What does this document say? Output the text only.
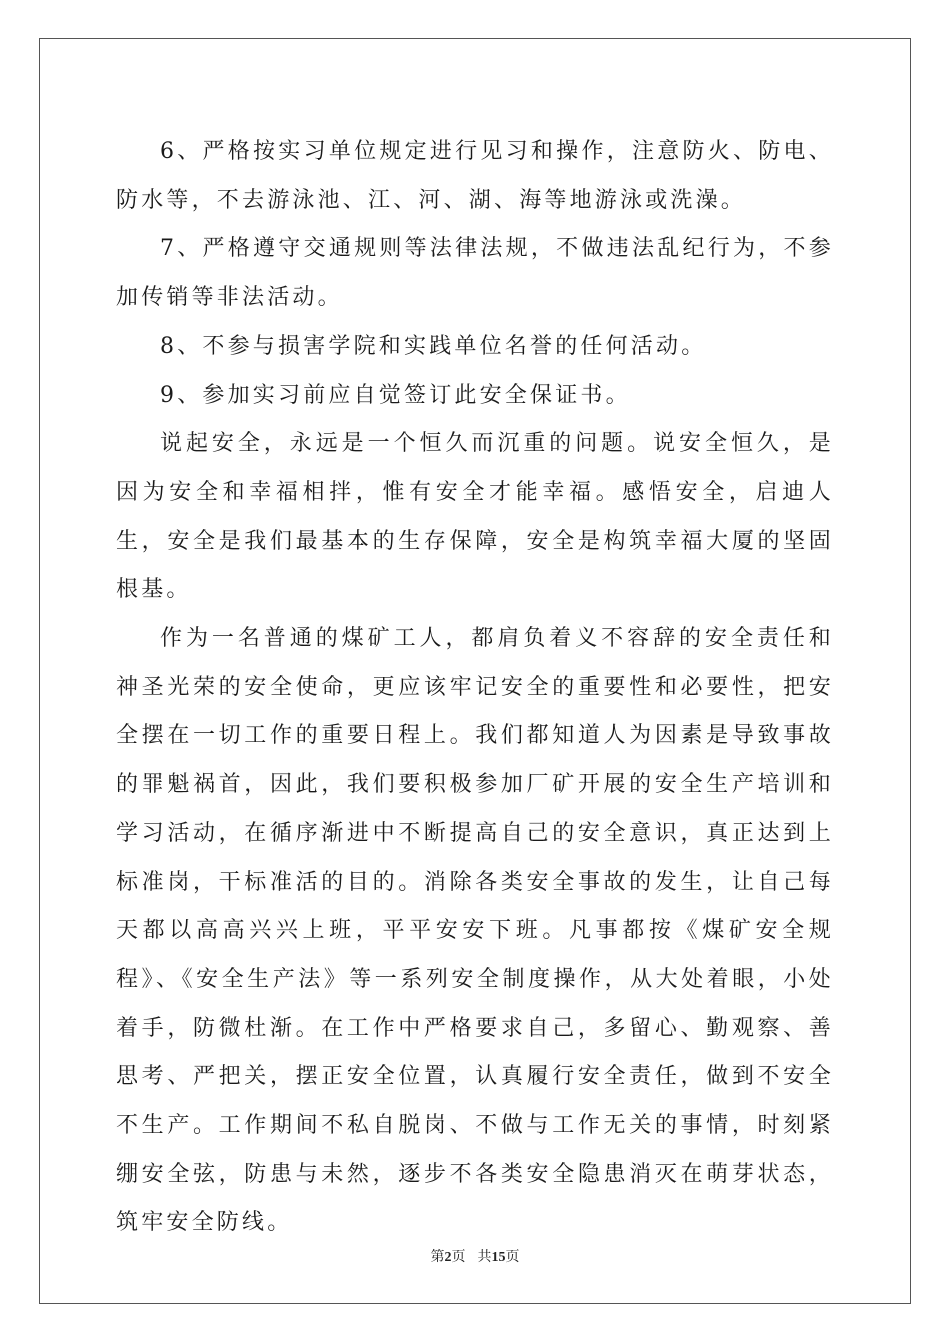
6、严格按实习单位规定进行见习和操作，注意防火、防电、防水等，不去游泳池、江、河、湖、海等地游泳或洗澡。

7、严格遵守交通规则等法律法规，不做违法乱纪行为，不参加传销等非法活动。

8、不参与损害学院和实践单位名誉的任何活动。

9、参加实习前应自觉签订此安全保证书。

说起安全，永远是一个恒久而沉重的问题。说安全恒久，是因为安全和幸福相拌，惟有安全才能幸福。感悟安全，启迪人生，安全是我们最基本的生存保障，安全是构筑幸福大厦的坚固根基。

作为一名普通的煤矿工人，都肩负着义不容辞的安全责任和神圣光荣的安全使命，更应该牢记安全的重要性和必要性，把安全摆在一切工作的重要日程上。我们都知道人为因素是导致事故的罪魁祸首，因此，我们要积极参加厂矿开展的安全生产培训和学习活动，在循序渐进中不断提高自己的安全意识，真正达到上标准岗，干标准活的目的。消除各类安全事故的发生，让自己每天都以高高兴兴上班，平平安安下班。凡事都按《煤矿安全规程》、《安全生产法》等一系列安全制度操作，从大处着眼，小处着手，防微杜渐。在工作中严格要求自己，多留心、勤观察、善思考、严把关，摆正安全位置，认真履行安全责任，做到不安全不生产。工作期间不私自脱岗、不做与工作无关的事情，时刻紧绷安全弦，防患与未然，逐步不各类安全隐患消灭在萌芽状态，筑牢安全防线。

第2页 共15页
